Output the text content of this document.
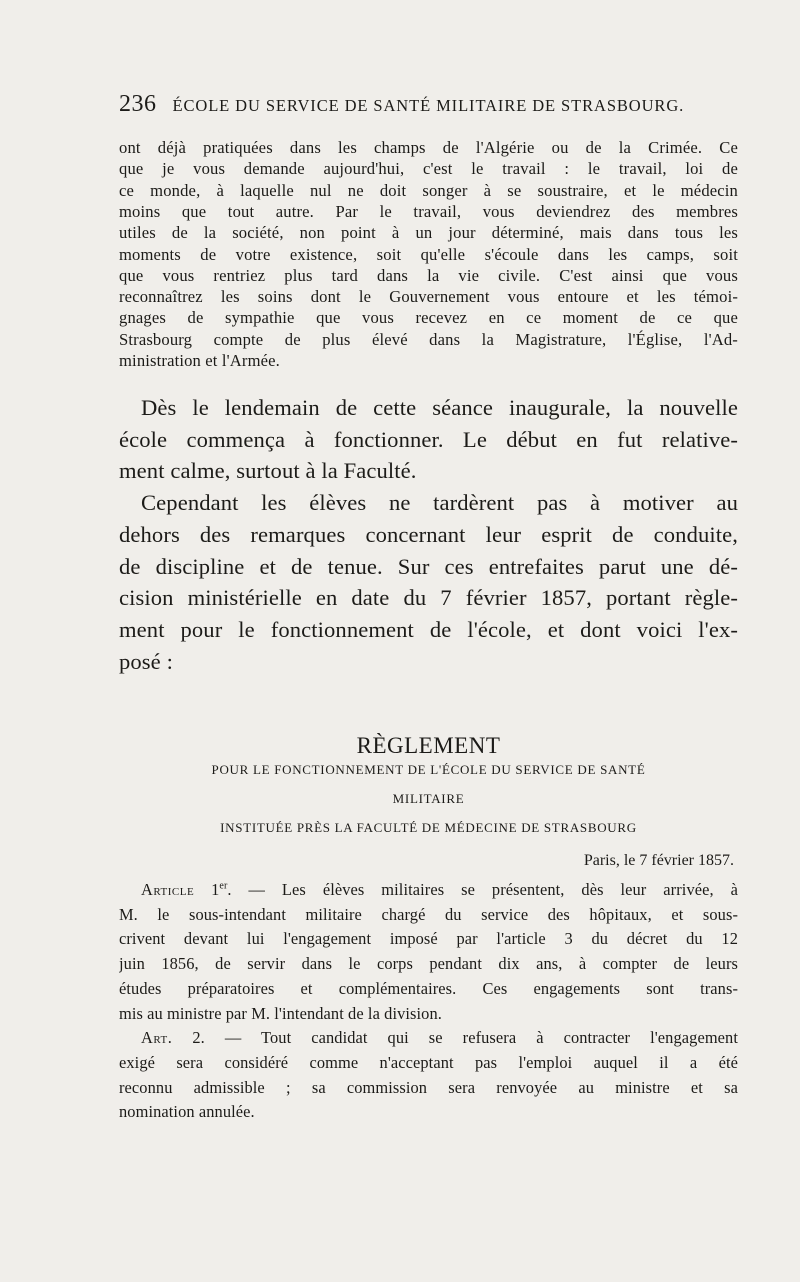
236 ÉCOLE DU SERVICE DE SANTÉ MILITAIRE DE STRASBOURG.
ont déjà pratiquées dans les champs de l'Algérie ou de la Crimée. Ce
que je vous demande aujourd'hui, c'est le travail : le travail, loi de
ce monde, à laquelle nul ne doit songer à se soustraire, et le médecin
moins que tout autre. Par le travail, vous deviendrez des membres
utiles de la société, non point à un jour déterminé, mais dans tous les
moments de votre existence, soit qu'elle s'écoule dans les camps, soit
que vous rentriez plus tard dans la vie civile. C'est ainsi que vous
reconnaîtrez les soins dont le Gouvernement vous entoure et les témoi-
gnages de sympathie que vous recevez en ce moment de ce que
Strasbourg compte de plus élevé dans la Magistrature, l'Église, l'Ad-
ministration et l'Armée.
Dès le lendemain de cette séance inaugurale, la nouvelle
école commença à fonctionner. Le début en fut relative-
ment calme, surtout à la Faculté.
Cependant les élèves ne tardèrent pas à motiver au
dehors des remarques concernant leur esprit de conduite,
de discipline et de tenue. Sur ces entrefaites parut une dé-
cision ministérielle en date du 7 février 1857, portant règle-
ment pour le fonctionnement de l'école, et dont voici l'ex-
posé :
RÈGLEMENT
POUR LE FONCTIONNEMENT DE L'ÉCOLE DU SERVICE DE SANTÉ
MILITAIRE
INSTITUÉE PRÈS LA FACULTÉ DE MÉDECINE DE STRASBOURG
Paris, le 7 février 1857.
Article 1er. — Les élèves militaires se présentent, dès leur arrivée, à
M. le sous-intendant militaire chargé du service des hôpitaux, et sous-
crivent devant lui l'engagement imposé par l'article 3 du décret du 12
juin 1856, de servir dans le corps pendant dix ans, à compter de leurs
études préparatoires et complémentaires. Ces engagements sont trans-
mis au ministre par M. l'intendant de la division.
Art. 2. — Tout candidat qui se refusera à contracter l'engagement
exigé sera considéré comme n'acceptant pas l'emploi auquel il a été
reconnu admissible ; sa commission sera renvoyée au ministre et sa
nomination annulée.
